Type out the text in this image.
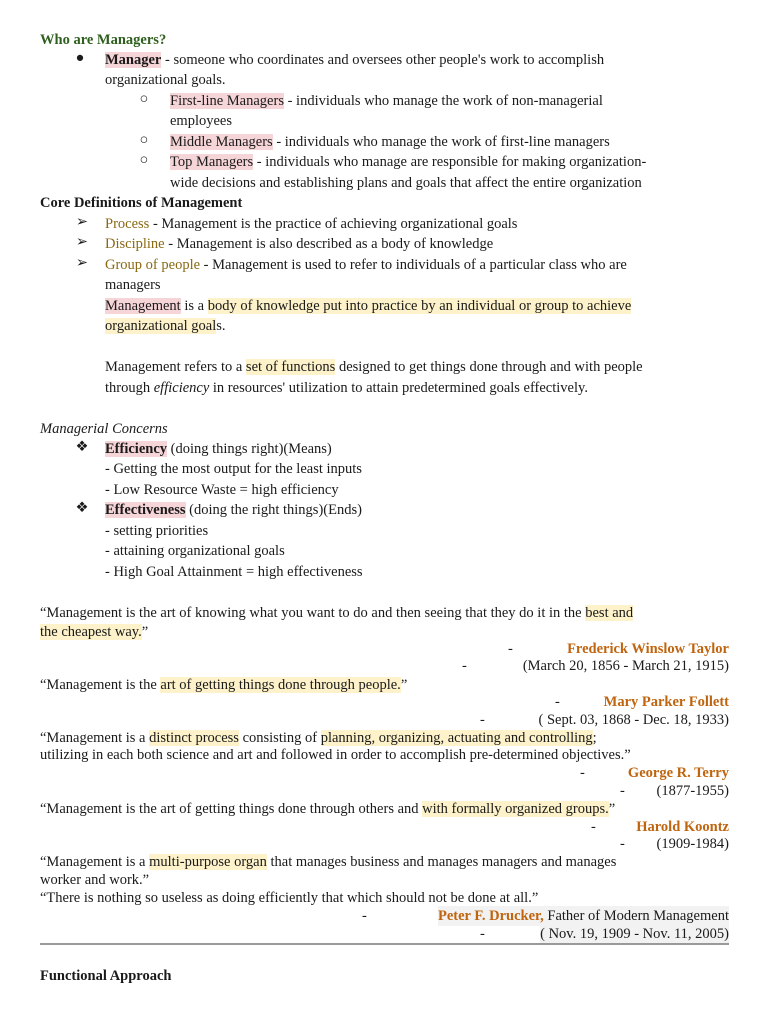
Who are Managers?
●	Manager - someone who coordinates and oversees other people's work to accomplish
organizational goals.
○	First-line Managers - individuals who manage the work of non-managerial
employees
○	Middle Managers - individuals who manage the work of first-line managers
○	Top Managers - individuals who manage are responsible for making organization-
wide decisions and establishing plans and goals that affect the entire organization
Core Definitions of Management
➢ Process - Management is the practice of achieving organizational goals
➢ Discipline - Management is also described as a body of knowledge
➢ Group of people - Management is used to refer to individuals of a particular class who are
managers
Management is a body of knowledge put into practice by an individual or group to achieve
organizational goals.
Management refers to a set of functions designed to get things done through and with people
through efficiency in resources' utilization to attain predetermined goals effectively.
Managerial Concerns
❖ Efficiency (doing things right)(Means)
- Getting the most output for the least inputs
- Low Resource Waste = high efficiency
❖ Effectiveness (doing the right things)(Ends)
- setting priorities
- attaining organizational goals
- High Goal Attainment = high effectiveness
“Management is the art of knowing what you want to do and then seeing that they do it in the best and
the cheapest way.”
-	Frederick Winslow Taylor
-	(March 20, 1856 - March 21, 1915)
“Management is the art of getting things done through people.”
-	Mary Parker Follett
-	( Sept. 03, 1868 - Dec. 18, 1933)
“Management is a distinct process consisting of planning, organizing, actuating and controlling;
utilizing in each both science and art and followed in order to accomplish pre-determined objectives.”
-	George R. Terry
- (1877-1955)
“Management is the art of getting things done through others and with formally organized groups.”
-	Harold Koontz
- (1909-1984)
“Management is a multi-purpose organ that manages business and manages managers and manages
worker and work.”
“There is nothing so useless as doing efficiently that which should not be done at all.”
-	Peter F. Drucker, Father of Modern Management
-	( Nov. 19, 1909 - Nov. 11, 2005)
Functional Approach
